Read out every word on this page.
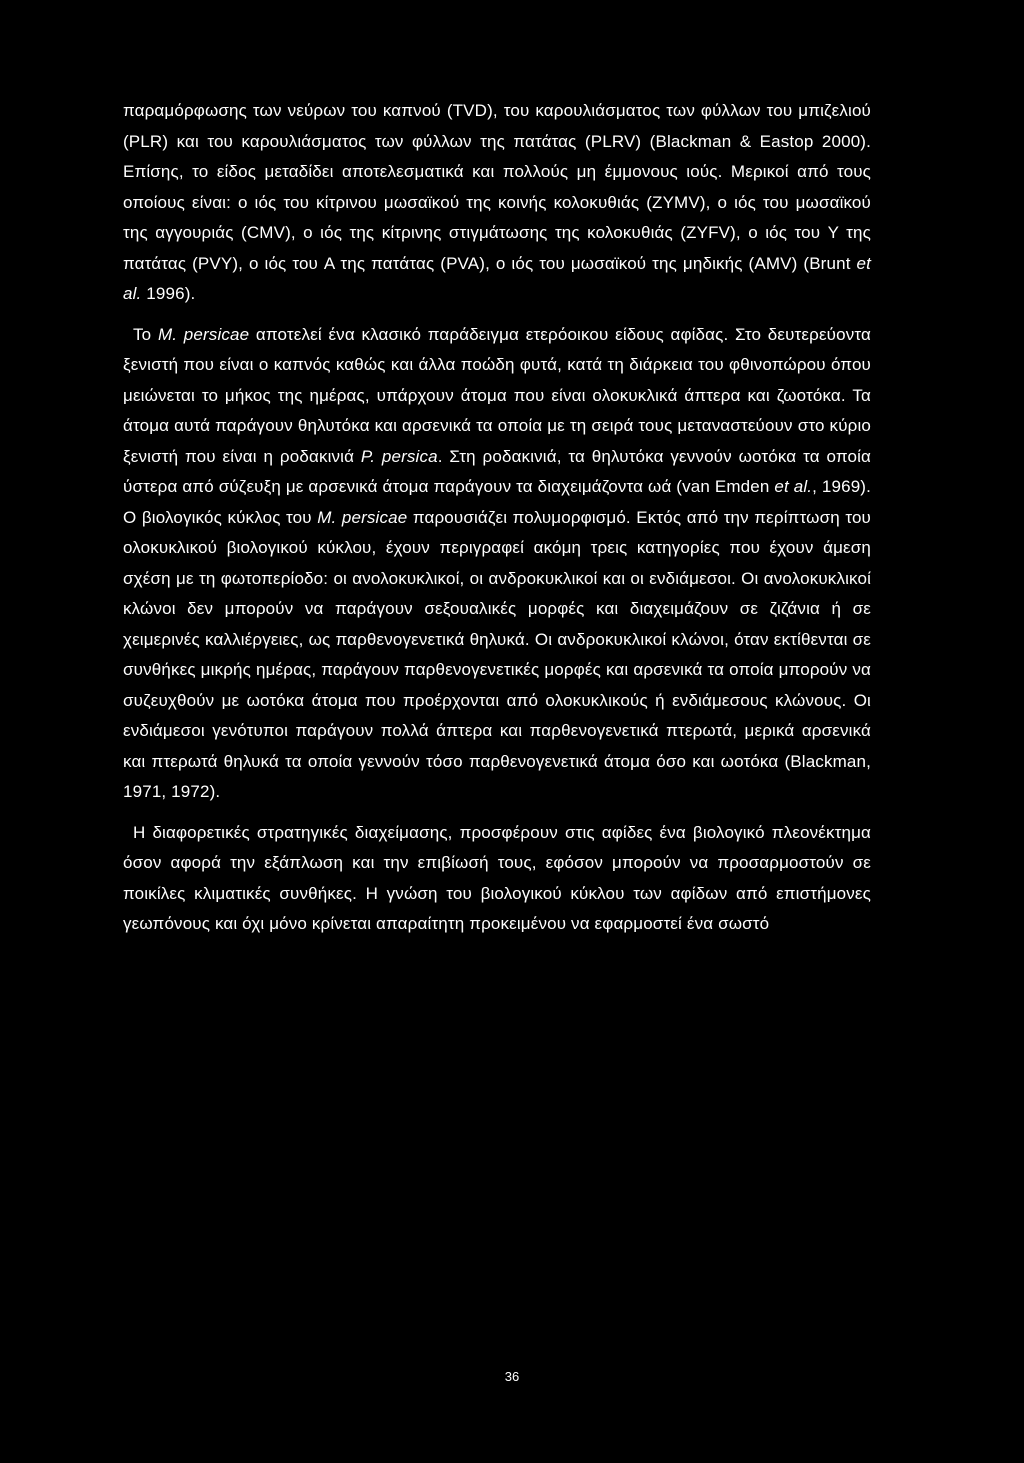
παραμόρφωσης των νεύρων του καπνού (TVD), του καρουλιάσματος των φύλλων του μπιζελιού (PLR) και του καρουλιάσματος των φύλλων της πατάτας (PLRV) (Blackman & Eastop 2000). Επίσης, το είδος μεταδίδει αποτελεσματικά και πολλούς μη έμμονους ιούς. Μερικοί από τους οποίους είναι: ο ιός του κίτρινου μωσαϊκού της κοινής κολοκυθιάς (ZYMV), ο ιός του μωσαϊκού της αγγουριάς (CMV), ο ιός της κίτρινης στιγμάτωσης της κολοκυθιάς (ZYFV), ο ιός του Y της πατάτας (PVY), ο ιός του A της πατάτας (PVA), ο ιός του μωσαϊκού της μηδικής (AMV) (Brunt et al. 1996).

Το M. persicae αποτελεί ένα κλασικό παράδειγμα ετερόοικου είδους αφίδας. Στο δευτερεύοντα ξενιστή που είναι ο καπνός καθώς και άλλα ποώδη φυτά, κατά τη διάρκεια του φθινοπώρου όπου μειώνεται το μήκος της ημέρας, υπάρχουν άτομα που είναι ολοκυκλικά άπτερα και ζωοτόκα. Τα άτομα αυτά παράγουν θηλυτόκα και αρσενικά τα οποία με τη σειρά τους μεταναστεύουν στο κύριο ξενιστή που είναι η ροδακινιά P. persica. Στη ροδακινιά, τα θηλυτόκα γεννούν ωοτόκα τα οποία ύστερα από σύζευξη με αρσενικά άτομα παράγουν τα διαχειμάζοντα ωά (van Emden et al., 1969). Ο βιολογικός κύκλος του M. persicae παρουσιάζει πολυμορφισμό. Εκτός από την περίπτωση του ολοκυκλικού βιολογικού κύκλου, έχουν περιγραφεί ακόμη τρεις κατηγορίες που έχουν άμεση σχέση με τη φωτοπερίοδο: οι ανολοκυκλικοί, οι ανδροκυκλικοί και οι ενδιάμεσοι. Οι ανολοκυκλικοί κλώνοι δεν μπορούν να παράγουν σεξουαλικές μορφές και διαχειμάζουν σε ζιζάνια ή σε χειμερινές καλλιέργειες, ως παρθενογενετικά θηλυκά. Οι ανδροκυκλικοί κλώνοι, όταν εκτίθενται σε συνθήκες μικρής ημέρας, παράγουν παρθενογενετικές μορφές και αρσενικά τα οποία μπορούν να συζευχθούν με ωοτόκα άτομα που προέρχονται από ολοκυκλικούς ή ενδιάμεσους κλώνους. Οι ενδιάμεσοι γενότυποι παράγουν πολλά άπτερα και παρθενογενετικά πτερωτά, μερικά αρσενικά και πτερωτά θηλυκά τα οποία γεννούν τόσο παρθενογενετικά άτομα όσο και ωοτόκα (Blackman, 1971, 1972).

Η διαφορετικές στρατηγικές διαχείμασης, προσφέρουν στις αφίδες ένα βιολογικό πλεονέκτημα όσον αφορά την εξάπλωση και την επιβίωσή τους, εφόσον μπορούν να προσαρμοστούν σε ποικίλες κλιματικές συνθήκες. Η γνώση του βιολογικού κύκλου των αφίδων από επιστήμονες γεωπόνους και όχι μόνο κρίνεται απαραίτητη προκειμένου να εφαρμοστεί ένα σωστό

36
